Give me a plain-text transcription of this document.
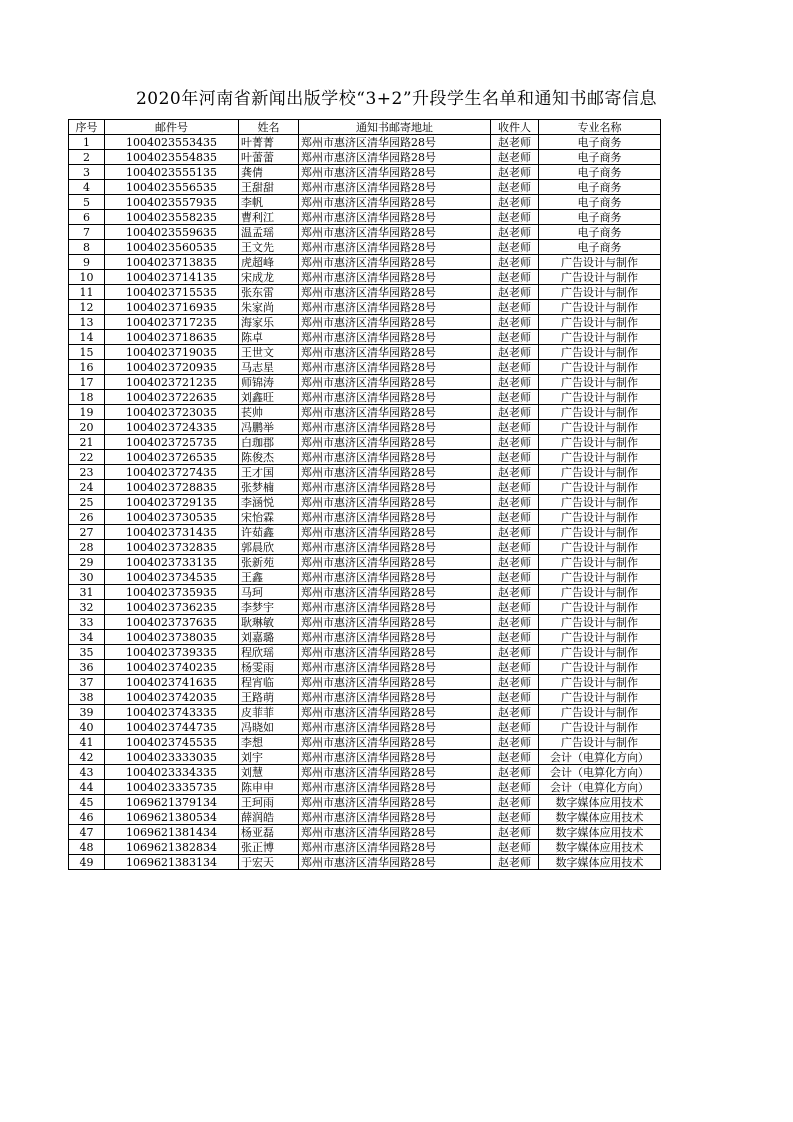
2020年河南省新闻出版学校“3+2”升段学生名单和通知书邮寄信息
序号	邮件号	姓名	通知书邮寄地址	收件人	专业名称
1	1004023553435	叶菁菁	郑州市惠济区清华园路28号	赵老师	电子商务
2	1004023554835	叶蕾蕾	郑州市惠济区清华园路28号	赵老师	电子商务
3	1004023555135	龚倩	郑州市惠济区清华园路28号	赵老师	电子商务
4	1004023556535	王甜甜	郑州市惠济区清华园路28号	赵老师	电子商务
5	1004023557935	李帆	郑州市惠济区清华园路28号	赵老师	电子商务
6	1004023558235	曹利江	郑州市惠济区清华园路28号	赵老师	电子商务
7	1004023559635	温孟瑶	郑州市惠济区清华园路28号	赵老师	电子商务
8	1004023560535	王文先	郑州市惠济区清华园路28号	赵老师	电子商务
9	1004023713835	虎超峰	郑州市惠济区清华园路28号	赵老师	广告设计与制作
10	1004023714135	宋成龙	郑州市惠济区清华园路28号	赵老师	广告设计与制作
11	1004023715535	张东雷	郑州市惠济区清华园路28号	赵老师	广告设计与制作
12	1004023716935	朱家尚	郑州市惠济区清华园路28号	赵老师	广告设计与制作
13	1004023717235	海家乐	郑州市惠济区清华园路28号	赵老师	广告设计与制作
14	1004023718635	陈卓	郑州市惠济区清华园路28号	赵老师	广告设计与制作
15	1004023719035	王世文	郑州市惠济区清华园路28号	赵老师	广告设计与制作
16	1004023720935	马志星	郑州市惠济区清华园路28号	赵老师	广告设计与制作
17	1004023721235	师锦涛	郑州市惠济区清华园路28号	赵老师	广告设计与制作
18	1004023722635	刘鑫旺	郑州市惠济区清华园路28号	赵老师	广告设计与制作
19	1004023723035	苌帅	郑州市惠济区清华园路28号	赵老师	广告设计与制作
20	1004023724335	冯鹏举	郑州市惠济区清华园路28号	赵老师	广告设计与制作
21	1004023725735	白珈郡	郑州市惠济区清华园路28号	赵老师	广告设计与制作
22	1004023726535	陈俊杰	郑州市惠济区清华园路28号	赵老师	广告设计与制作
23	1004023727435	王才国	郑州市惠济区清华园路28号	赵老师	广告设计与制作
24	1004023728835	张梦楠	郑州市惠济区清华园路28号	赵老师	广告设计与制作
25	1004023729135	李涵悦	郑州市惠济区清华园路28号	赵老师	广告设计与制作
26	1004023730535	宋怡霖	郑州市惠济区清华园路28号	赵老师	广告设计与制作
27	1004023731435	许茹鑫	郑州市惠济区清华园路28号	赵老师	广告设计与制作
28	1004023732835	郭晨欣	郑州市惠济区清华园路28号	赵老师	广告设计与制作
29	1004023733135	张新苑	郑州市惠济区清华园路28号	赵老师	广告设计与制作
30	1004023734535	王鑫	郑州市惠济区清华园路28号	赵老师	广告设计与制作
31	1004023735935	马珂	郑州市惠济区清华园路28号	赵老师	广告设计与制作
32	1004023736235	李梦宇	郑州市惠济区清华园路28号	赵老师	广告设计与制作
33	1004023737635	耿琳敏	郑州市惠济区清华园路28号	赵老师	广告设计与制作
34	1004023738035	刘嘉璐	郑州市惠济区清华园路28号	赵老师	广告设计与制作
35	1004023739335	程欣瑶	郑州市惠济区清华园路28号	赵老师	广告设计与制作
36	1004023740235	杨雯雨	郑州市惠济区清华园路28号	赵老师	广告设计与制作
37	1004023741635	程宵临	郑州市惠济区清华园路28号	赵老师	广告设计与制作
38	1004023742035	王路萌	郑州市惠济区清华园路28号	赵老师	广告设计与制作
39	1004023743335	皮菲菲	郑州市惠济区清华园路28号	赵老师	广告设计与制作
40	1004023744735	冯晓如	郑州市惠济区清华园路28号	赵老师	广告设计与制作
41	1004023745535	李想	郑州市惠济区清华园路28号	赵老师	广告设计与制作
42	1004023333035	刘宇	郑州市惠济区清华园路28号	赵老师	会计（电算化方向）
43	1004023334335	刘慧	郑州市惠济区清华园路28号	赵老师	会计（电算化方向）
44	1004023335735	陈申申	郑州市惠济区清华园路28号	赵老师	会计（电算化方向）
45	1069621379134	王珂雨	郑州市惠济区清华园路28号	赵老师	数字媒体应用技术
46	1069621380534	薛润皓	郑州市惠济区清华园路28号	赵老师	数字媒体应用技术
47	1069621381434	杨亚磊	郑州市惠济区清华园路28号	赵老师	数字媒体应用技术
48	1069621382834	张正博	郑州市惠济区清华园路28号	赵老师	数字媒体应用技术
49	1069621383134	于宏天	郑州市惠济区清华园路28号	赵老师	数字媒体应用技术
